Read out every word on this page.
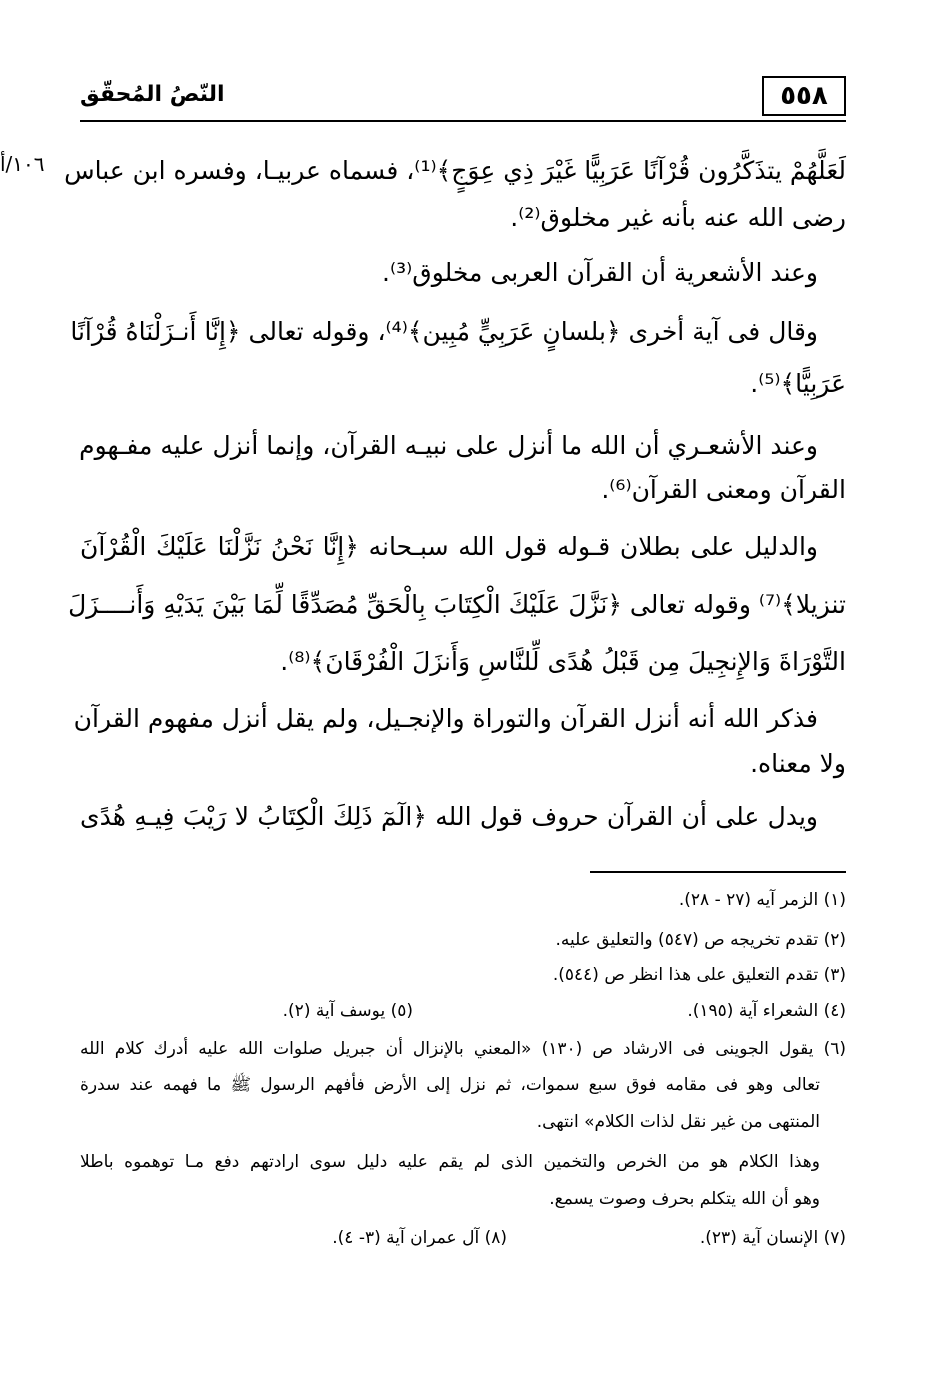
٥٥٨
النّصُ المُحقّق
١٠٦/أ لَعَلَّهُمْ يتذَكَّرُون قُرْآنًا عَرَبِيًّا غَيْرَ ذِي عِوَجٍ﴾⁽¹⁾، فسماه عربيـا، وفسره ابن عباس
رضى الله عنه بأنه غير مخلوق⁽²⁾.
وعند الأشعرية أن القرآن العربى مخلوق⁽³⁾.
وقال فى آية أخرى ﴿بلسانٍ عَرَبِيٍّ مُبِين﴾⁽⁴⁾، وقوله تعالى ﴿إِنَّا أَنـزَلْنَاهُ قُرْآنًا
عَرَبِيًّا﴾⁽⁵⁾.
وعند الأشعـري أن الله ما أنزل على نبيـه القرآن، وإنما أنزل عليه مفـهوم
القرآن ومعنى القرآن⁽⁶⁾.
والدليل على بطلان قـوله قول الله سبـحانه ﴿إِنَّا نَحْنُ نَزَّلْنَا عَلَيْكَ الْقُرْآنَ
تنزيلا﴾⁽⁷⁾ وقوله تعالى ﴿نَزَّلَ عَلَيْكَ الْكِتَابَ بِالْحَقِّ مُصَدِّقًا لِّمَا بَيْنَ يَدَيْهِ وَأَنــــزَلَ
التَّوْرَاةَ وَالإِنجِيلَ مِن قَبْلُ هُدًى لِّلنَّاسِ وَأَنزَلَ الْفُرْقَانَ﴾⁽⁸⁾.
فذكر الله أنه أنزل القرآن والتوراة والإنجـيل، ولم يقل أنزل مفهوم القرآن
ولا معناه.
ويدل على أن القرآن حروف قول الله ﴿الٓمٓ ذَلِكَ الْكِتَابُ لا رَيْبَ فِيـهِ هُدًى
(١) الزمر آيه (٢٧ - ٢٨).
(٢) تقدم تخريجه ص (٥٤٧) والتعليق عليه.
(٣) تقدم التعليق على هذا انظر ص (٥٤٤).
(٤) الشعراء آية (١٩٥).
(٥) يوسف آية (٢).
(٦) يقول الجوينى فى الارشاد ص (١٣٠) «المعني بالإنزال أن جبريل صلوات الله عليه أدرك كلام الله
تعالى وهو فى مقامه فوق سبع سموات، ثم نزل إلى الأرض فأفهم الرسول ﷺ ما فهمه عند سدرة
المنتهى من غير نقل لذات الكلام» انتهى.
وهذا الكلام هو من الخرص والتخمين الذى لم يقم عليه دليل سوى ارادتهم دفع مـا توهموه باطلا
وهو أن الله يتكلم بحرف وصوت يسمع.
(٧) الإنسان آية (٢٣).
(٨) آل عمران آية (٣- ٤).
